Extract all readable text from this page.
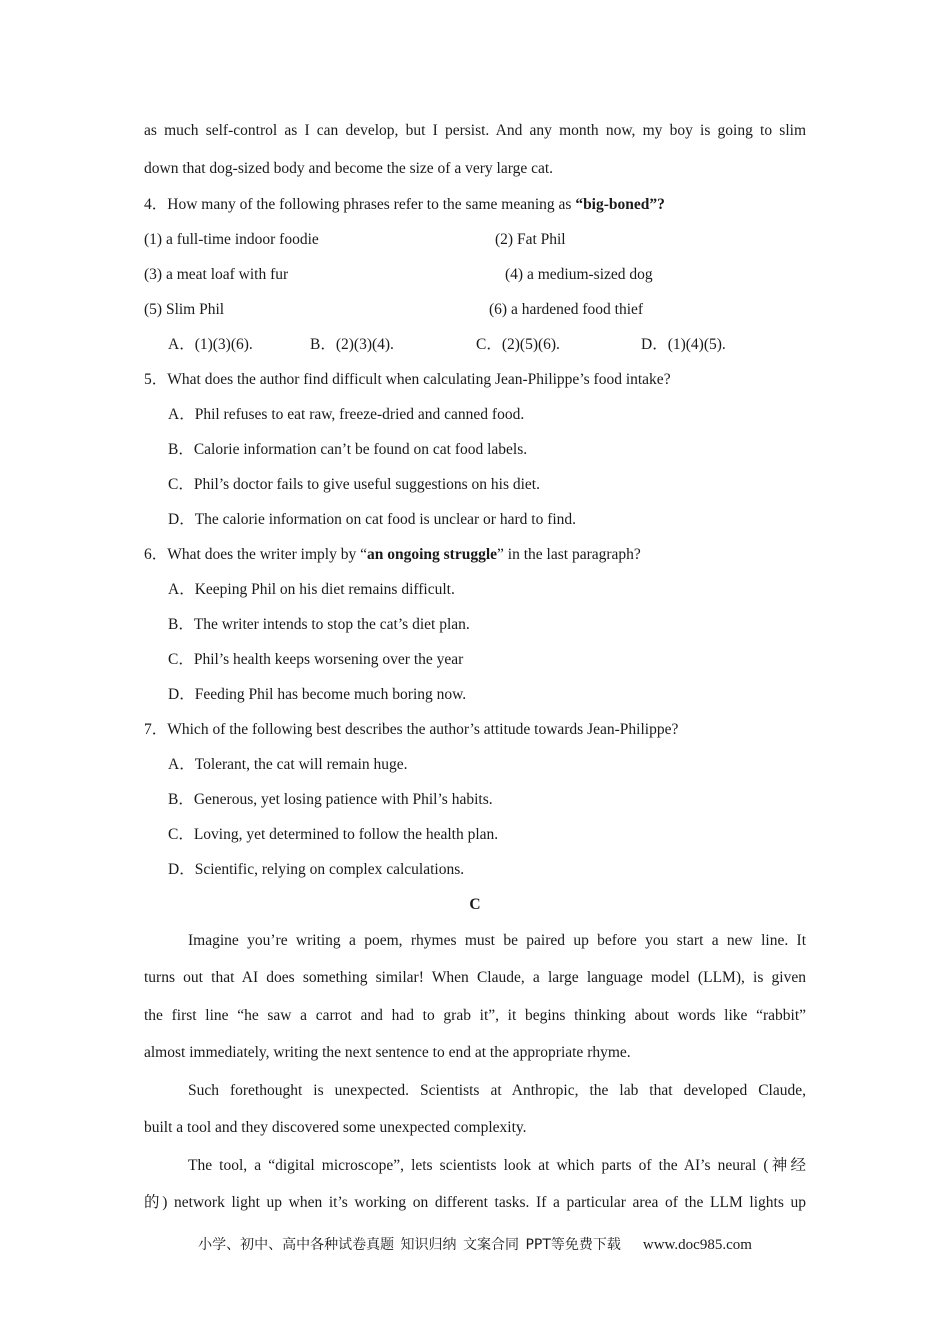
as much self-control as I can develop, but I persist. And any month now, my boy is going to slim
down that dog-sized body and become the size of a very large cat.
4．How many of the following phrases refer to the same meaning as “big-boned”?
(1) a full-time indoor foodie	(2) Fat Phil
(3) a meat loaf with fur	(4) a medium-sized dog
(5) Slim Phil	(6) a hardened food thief
A．(1)(3)(6).	B．(2)(3)(4).	C．(2)(5)(6).	D．(1)(4)(5).
5．What does the author find difficult when calculating Jean-Philippe’s food intake?
A．Phil refuses to eat raw, freeze-dried and canned food.
B．Calorie information can’t be found on cat food labels.
C．Phil’s doctor fails to give useful suggestions on his diet.
D．The calorie information on cat food is unclear or hard to find.
6．What does the writer imply by “an ongoing struggle” in the last paragraph?
A．Keeping Phil on his diet remains difficult.
B．The writer intends to stop the cat’s diet plan.
C．Phil’s health keeps worsening over the year
D．Feeding Phil has become much boring now.
7．Which of the following best describes the author’s attitude towards Jean-Philippe?
A．Tolerant, the cat will remain huge.
B．Generous, yet losing patience with Phil’s habits.
C．Loving, yet determined to follow the health plan.
D．Scientific, relying on complex calculations.
C
Imagine you’re writing a poem, rhymes must be paired up before you start a new line. It
turns out that AI does something similar! When Claude, a large language model (LLM), is given
the first line “he saw a carrot and had to grab it”, it begins thinking about words like “rabbit”
almost immediately, writing the next sentence to end at the appropriate rhyme.
Such forethought is unexpected. Scientists at Anthropic, the lab that developed Claude,
built a tool and they discovered some unexpected complexity.
The tool, a “digital microscope”, lets scientists look at which parts of the AI’s neural (神经
的) network light up when it’s working on different tasks. If a particular area of the LLM lights up
小学、初中、高中各种试卷真题 知识归纳 文案合同 PPT等免费下载 www.doc985.com
